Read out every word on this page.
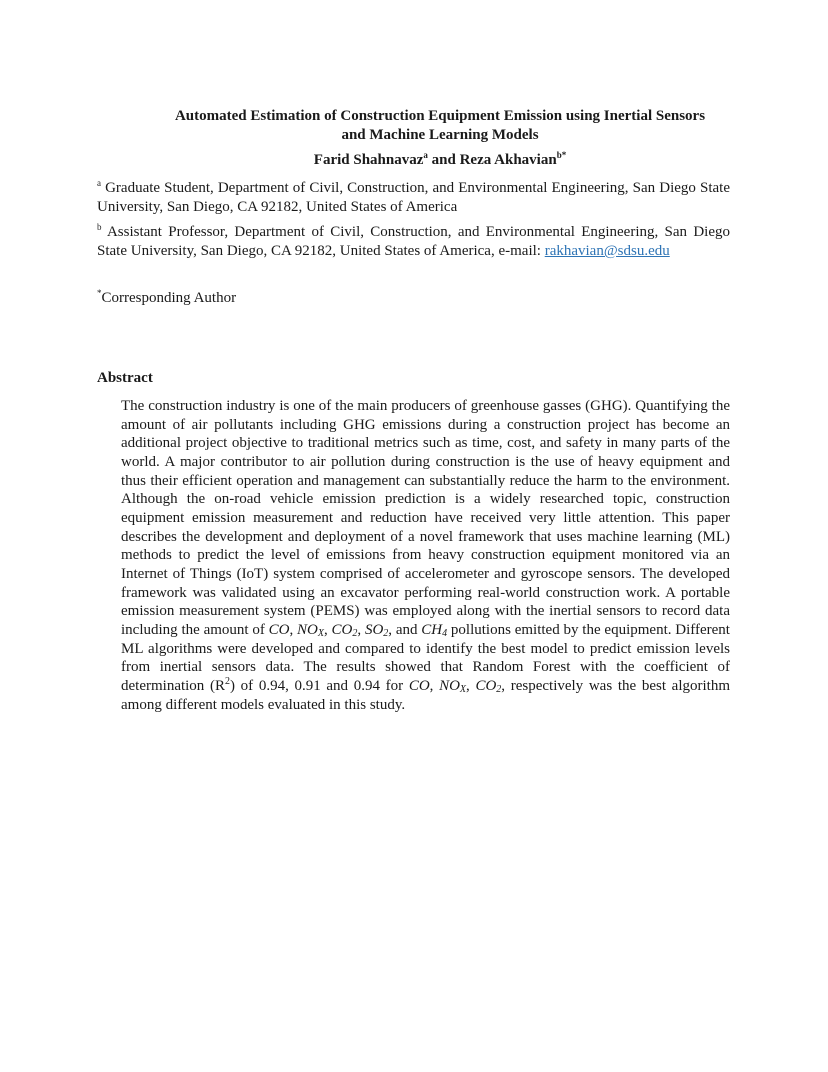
Automated Estimation of Construction Equipment Emission using Inertial Sensors
and Machine Learning Models
Farid Shahnavaz$^a$ and Reza Akhavian$^{b*}$
$^a$ Graduate Student, Department of Civil, Construction, and Environmental Engineering, San Diego State University, San Diego, CA 92182, United States of America
$^b$ Assistant Professor, Department of Civil, Construction, and Environmental Engineering, San Diego State University, San Diego, CA 92182, United States of America, e-mail: rakhavian@sdsu.edu
*Corresponding Author
Abstract
The construction industry is one of the main producers of greenhouse gasses (GHG). Quantifying the amount of air pollutants including GHG emissions during a construction project has become an additional project objective to traditional metrics such as time, cost, and safety in many parts of the world. A major contributor to air pollution during construction is the use of heavy equipment and thus their efficient operation and management can substantially reduce the harm to the environment. Although the on-road vehicle emission prediction is a widely researched topic, construction equipment emission measurement and reduction have received very little attention. This paper describes the development and deployment of a novel framework that uses machine learning (ML) methods to predict the level of emissions from heavy construction equipment monitored via an Internet of Things (IoT) system comprised of accelerometer and gyroscope sensors. The developed framework was validated using an excavator performing real-world construction work. A portable emission measurement system (PEMS) was employed along with the inertial sensors to record data including the amount of CO, $NO_X$, $CO_2$, $SO_2$, and $CH_4$ pollutions emitted by the equipment. Different ML algorithms were developed and compared to identify the best model to predict emission levels from inertial sensors data. The results showed that Random Forest with the coefficient of determination $(R^2)$ of 0.94, 0.91 and 0.94 for CO, $NO_X$, $CO_2$, respectively was the best algorithm among different models evaluated in this study.
